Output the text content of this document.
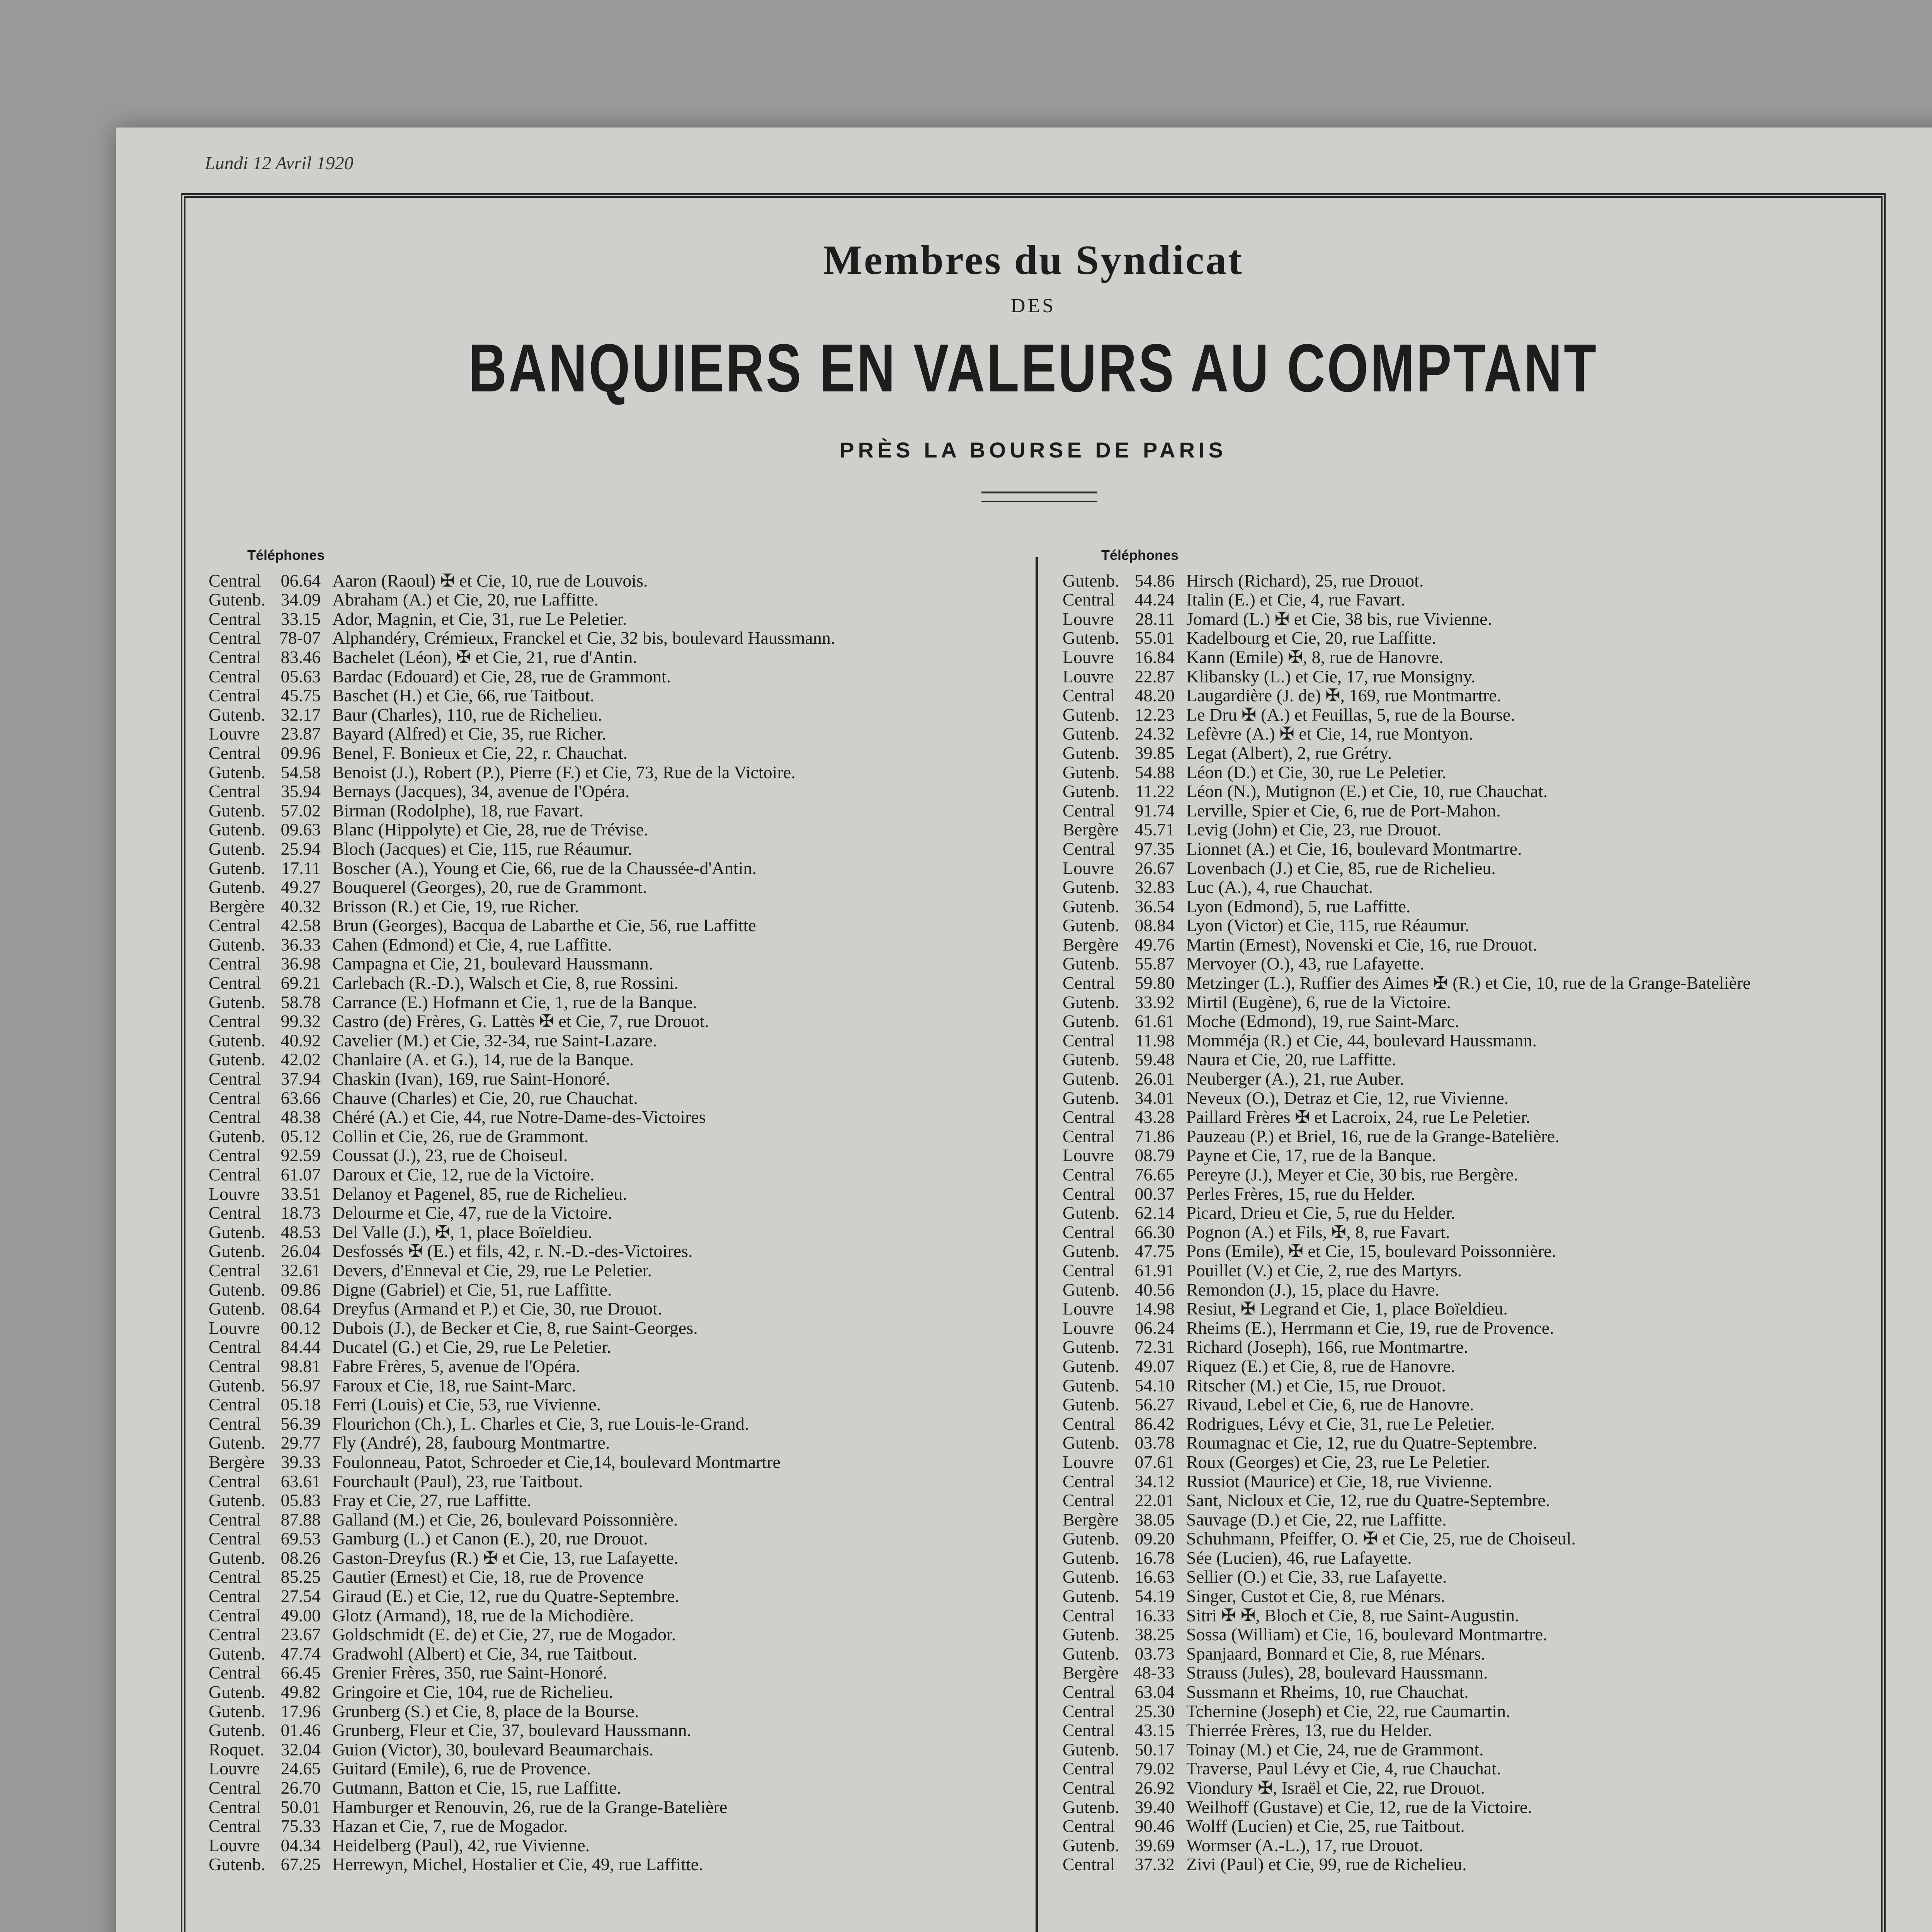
Lundi 12 Avril 1920
Membres du Syndicat
DES
BANQUIERS EN VALEURS AU COMPTANT
PRÈS LA BOURSE DE PARIS
Téléphones
Central	06.64 Aaron (Raoul) ✠ et Cie, 10, rue de Louvois.
Gutenb. 34.09 Abraham (A.) et Cie, 20, rue Laffitte.
Central	33.15 Ador, Magnin, et Cie, 31, rue Le Peletier.
Central	78-07 Alphandéry, Crémieux, Franckel et Cie, 32 bis, boulevard Haussmann.
Central	83.46 Bachelet (Léon), ✠ et Cie, 21, rue d'Antin.
Central	05.63 Bardac (Edouard) et Cie, 28, rue de Grammont.
Central	45.75 Baschet (H.) et Cie, 66, rue Taitbout.
Gutenb. 32.17 Baur (Charles), 110, rue de Richelieu.
Louvre	23.87 Bayard (Alfred) et Cie, 35, rue Richer.
Central	09.96 Benel, F. Bonieux et Cie, 22, r. Chauchat.
Gutenb. 54.58 Benoist (J.), Robert (P.), Pierre (F.) et Cie, 73, Rue de la Victoire.
Central	35.94 Bernays (Jacques), 34, avenue de l'Opéra.
Gutenb. 57.02 Birman (Rodolphe), 18, rue Favart.
Gutenb. 09.63 Blanc (Hippolyte) et Cie, 28, rue de Trévise.
Gutenb. 25.94 Bloch (Jacques) et Cie, 115, rue Réaumur.
Gutenb. 17.11 Boscher (A.), Young et Cie, 66, rue de la Chaussée-d'Antin.
Gutenb. 49.27 Bouquerel (Georges), 20, rue de Grammont.
Bergère 40.32 Brisson (R.) et Cie, 19, rue Richer.
Central	42.58 Brun (Georges), Bacqua de Labarthe et Cie, 56, rue Laffitte
Gutenb. 36.33 Cahen (Edmond) et Cie, 4, rue Laffitte.
Central	36.98 Campagna et Cie, 21, boulevard Haussmann.
Central	69.21 Carlebach (R.-D.), Walsch et Cie, 8, rue Rossini.
Gutenb. 58.78 Carrance (E.) Hofmann et Cie, 1, rue de la Banque.
Central	99.32 Castro (de) Frères, G. Lattès ✠ et Cie, 7, rue Drouot.
Gutenb. 40.92 Cavelier (M.) et Cie, 32-34, rue Saint-Lazare.
Gutenb. 42.02 Chanlaire (A. et G.), 14, rue de la Banque.
Central	37.94 Chaskin (Ivan), 169, rue Saint-Honoré.
Central	63.66 Chauve (Charles) et Cie, 20, rue Chauchat.
Central	48.38 Chéré (A.) et Cie, 44, rue Notre-Dame-des-Victoires
Gutenb. 05.12 Collin et Cie, 26, rue de Grammont.
Central	92.59 Coussat (J.), 23, rue de Choiseul.
Central	61.07 Daroux et Cie, 12, rue de la Victoire.
Louvre	33.51 Delanoy et Pagenel, 85, rue de Richelieu.
Central	18.73 Delourme et Cie, 47, rue de la Victoire.
Gutenb. 48.53 Del Valle (J.), ✠, 1, place Boïeldieu.
Gutenb. 26.04 Desfossés ✠ (E.) et fils, 42, r. N.-D.-des-Victoires.
Central	32.61 Devers, d'Enneval et Cie, 29, rue Le Peletier.
Gutenb. 09.86 Digne (Gabriel) et Cie, 51, rue Laffitte.
Gutenb. 08.64 Dreyfus (Armand et P.) et Cie, 30, rue Drouot.
Louvre	00.12 Dubois (J.), de Becker et Cie, 8, rue Saint-Georges.
Central	84.44 Ducatel (G.) et Cie, 29, rue Le Peletier.
Central	98.81 Fabre Frères, 5, avenue de l'Opéra.
Gutenb. 56.97 Faroux et Cie, 18, rue Saint-Marc.
Central	05.18 Ferri (Louis) et Cie, 53, rue Vivienne.
Central	56.39 Flourichon (Ch.), L. Charles et Cie, 3, rue Louis-le-Grand.
Gutenb. 29.77 Fly (André), 28, faubourg Montmartre.
Bergère 39.33 Foulonneau, Patot, Schroeder et Cie,14, boulevard Montmartre
Central	63.61 Fourchault (Paul), 23, rue Taitbout.
Gutenb. 05.83 Fray et Cie, 27, rue Laffitte.
Central	87.88 Galland (M.) et Cie, 26, boulevard Poissonnière.
Central	69.53 Gamburg (L.) et Canon (E.), 20, rue Drouot.
Gutenb. 08.26 Gaston-Dreyfus (R.) ✠ et Cie, 13, rue Lafayette.
Central	85.25 Gautier (Ernest) et Cie, 18, rue de Provence
Central	27.54 Giraud (E.) et Cie, 12, rue du Quatre-Septembre.
Central	49.00 Glotz (Armand), 18, rue de la Michodière.
Central	23.67 Goldschmidt (E. de) et Cie, 27, rue de Mogador.
Gutenb. 47.74 Gradwohl (Albert) et Cie, 34, rue Taitbout.
Central	66.45 Grenier Frères, 350, rue Saint-Honoré.
Gutenb. 49.82 Gringoire et Cie, 104, rue de Richelieu.
Gutenb. 17.96 Grunberg (S.) et Cie, 8, place de la Bourse.
Gutenb. 01.46 Grunberg, Fleur et Cie, 37, boulevard Haussmann.
Roquet. 32.04 Guion (Victor), 30, boulevard Beaumarchais.
Louvre	24.65 Guitard (Emile), 6, rue de Provence.
Central	26.70 Gutmann, Batton et Cie, 15, rue Laffitte.
Central	50.01 Hamburger et Renouvin, 26, rue de la Grange-Batelière
Central	75.33 Hazan et Cie, 7, rue de Mogador.
Louvre	04.34 Heidelberg (Paul), 42, rue Vivienne.
Gutenb. 67.25 Herrewyn, Michel, Hostalier et Cie, 49, rue Laffitte.
Téléphones
Gutenb. 54.86 Hirsch (Richard), 25, rue Drouot.
Central	44.24 Italin (E.) et Cie, 4, rue Favart.
Louvre	28.11 Jomard (L.) ✠ et Cie, 38 bis, rue Vivienne.
Gutenb. 55.01 Kadelbourg et Cie, 20, rue Laffitte.
Louvre	16.84 Kann (Emile) ✠, 8, rue de Hanovre.
Louvre	22.87 Klibansky (L.) et Cie, 17, rue Monsigny.
Central	48.20 Laugardière (J. de) ✠, 169, rue Montmartre.
Gutenb. 12.23 Le Dru ✠ (A.) et Feuillas, 5, rue de la Bourse.
Gutenb. 24.32 Lefèvre (A.) ✠ et Cie, 14, rue Montyon.
Gutenb. 39.85 Legat (Albert), 2, rue Grétry.
Gutenb. 54.88 Léon (D.) et Cie, 30, rue Le Peletier.
Gutenb. 11.22 Léon (N.), Mutignon (E.) et Cie, 10, rue Chauchat.
Central	91.74 Lerville, Spier et Cie, 6, rue de Port-Mahon.
Bergère 45.71 Levig (John) et Cie, 23, rue Drouot.
Central	97.35 Lionnet (A.) et Cie, 16, boulevard Montmartre.
Louvre	26.67 Lovenbach (J.) et Cie, 85, rue de Richelieu.
Gutenb. 32.83 Luc (A.), 4, rue Chauchat.
Gutenb. 36.54 Lyon (Edmond), 5, rue Laffitte.
Gutenb. 08.84 Lyon (Victor) et Cie, 115, rue Réaumur.
Bergère 49.76 Martin (Ernest), Novenski et Cie, 16, rue Drouot.
Gutenb. 55.87 Mervoyer (O.), 43, rue Lafayette.
Central	59.80 Metzinger (L.), Ruffier des Aimes ✠ (R.) et Cie, 10, rue de la Grange-Batelière
Gutenb. 33.92 Mirtil (Eugène), 6, rue de la Victoire.
Gutenb. 61.61 Moche (Edmond), 19, rue Saint-Marc.
Central	11.98 Momméja (R.) et Cie, 44, boulevard Haussmann.
Gutenb. 59.48 Naura et Cie, 20, rue Laffitte.
Gutenb. 26.01 Neuberger (A.), 21, rue Auber.
Gutenb. 34.01 Neveux (O.), Detraz et Cie, 12, rue Vivienne.
Central	43.28 Paillard Frères ✠ et Lacroix, 24, rue Le Peletier.
Central	71.86 Pauzeau (P.) et Briel, 16, rue de la Grange-Batelière.
Louvre	08.79 Payne et Cie, 17, rue de la Banque.
Central	76.65 Pereyre (J.), Meyer et Cie, 30 bis, rue Bergère.
Central	00.37 Perles Frères, 15, rue du Helder.
Gutenb. 62.14 Picard, Drieu et Cie, 5, rue du Helder.
Central	66.30 Pognon (A.) et Fils, ✠, 8, rue Favart.
Gutenb. 47.75 Pons (Emile), ✠ et Cie, 15, boulevard Poissonnière.
Central	61.91 Pouillet (V.) et Cie, 2, rue des Martyrs.
Gutenb. 40.56 Remondon (J.), 15, place du Havre.
Louvre	14.98 Resiut, ✠ Legrand et Cie, 1, place Boïeldieu.
Louvre	06.24 Rheims (E.), Herrmann et Cie, 19, rue de Provence.
Gutenb. 72.31 Richard (Joseph), 166, rue Montmartre.
Gutenb. 49.07 Riquez (E.) et Cie, 8, rue de Hanovre.
Gutenb. 54.10 Ritscher (M.) et Cie, 15, rue Drouot.
Gutenb. 56.27 Rivaud, Lebel et Cie, 6, rue de Hanovre.
Central	86.42 Rodrigues, Lévy et Cie, 31, rue Le Peletier.
Gutenb. 03.78 Roumagnac et Cie, 12, rue du Quatre-Septembre.
Louvre	07.61 Roux (Georges) et Cie, 23, rue Le Peletier.
Central	34.12 Russiot (Maurice) et Cie, 18, rue Vivienne.
Central	22.01 Sant, Nicloux et Cie, 12, rue du Quatre-Septembre.
Bergère 38.05 Sauvage (D.) et Cie, 22, rue Laffitte.
Gutenb. 09.20 Schuhmann, Pfeiffer, O. ✠ et Cie, 25, rue de Choiseul.
Gutenb. 16.78 Sée (Lucien), 46, rue Lafayette.
Gutenb. 16.63 Sellier (O.) et Cie, 33, rue Lafayette.
Gutenb. 54.19 Singer, Custot et Cie, 8, rue Ménars.
Central	16.33 Sitri ✠ ✠, Bloch et Cie, 8, rue Saint-Augustin.
Gutenb. 38.25 Sossa (William) et Cie, 16, boulevard Montmartre.
Gutenb. 03.73 Spanjaard, Bonnard et Cie, 8, rue Ménars.
Bergère 48-33 Strauss (Jules), 28, boulevard Haussmann.
Central	63.04 Sussmann et Rheims, 10, rue Chauchat.
Central	25.30 Tchernine (Joseph) et Cie, 22, rue Caumartin.
Central	43.15 Thierrée Frères, 13, rue du Helder.
Gutenb. 50.17 Toinay (M.) et Cie, 24, rue de Grammont.
Central	79.02 Traverse, Paul Lévy et Cie, 4, rue Chauchat.
Central	26.92 Viondury ✠, Israël et Cie, 22, rue Drouot.
Gutenb. 39.40 Weilhoff (Gustave) et Cie, 12, rue de la Victoire.
Central	90.46 Wolff (Lucien) et Cie, 25, rue Taitbout.
Gutenb. 39.69 Wormser (A.-L.), 17, rue Drouot.
Central	37.32 Zivi (Paul) et Cie, 99, rue de Richelieu.
